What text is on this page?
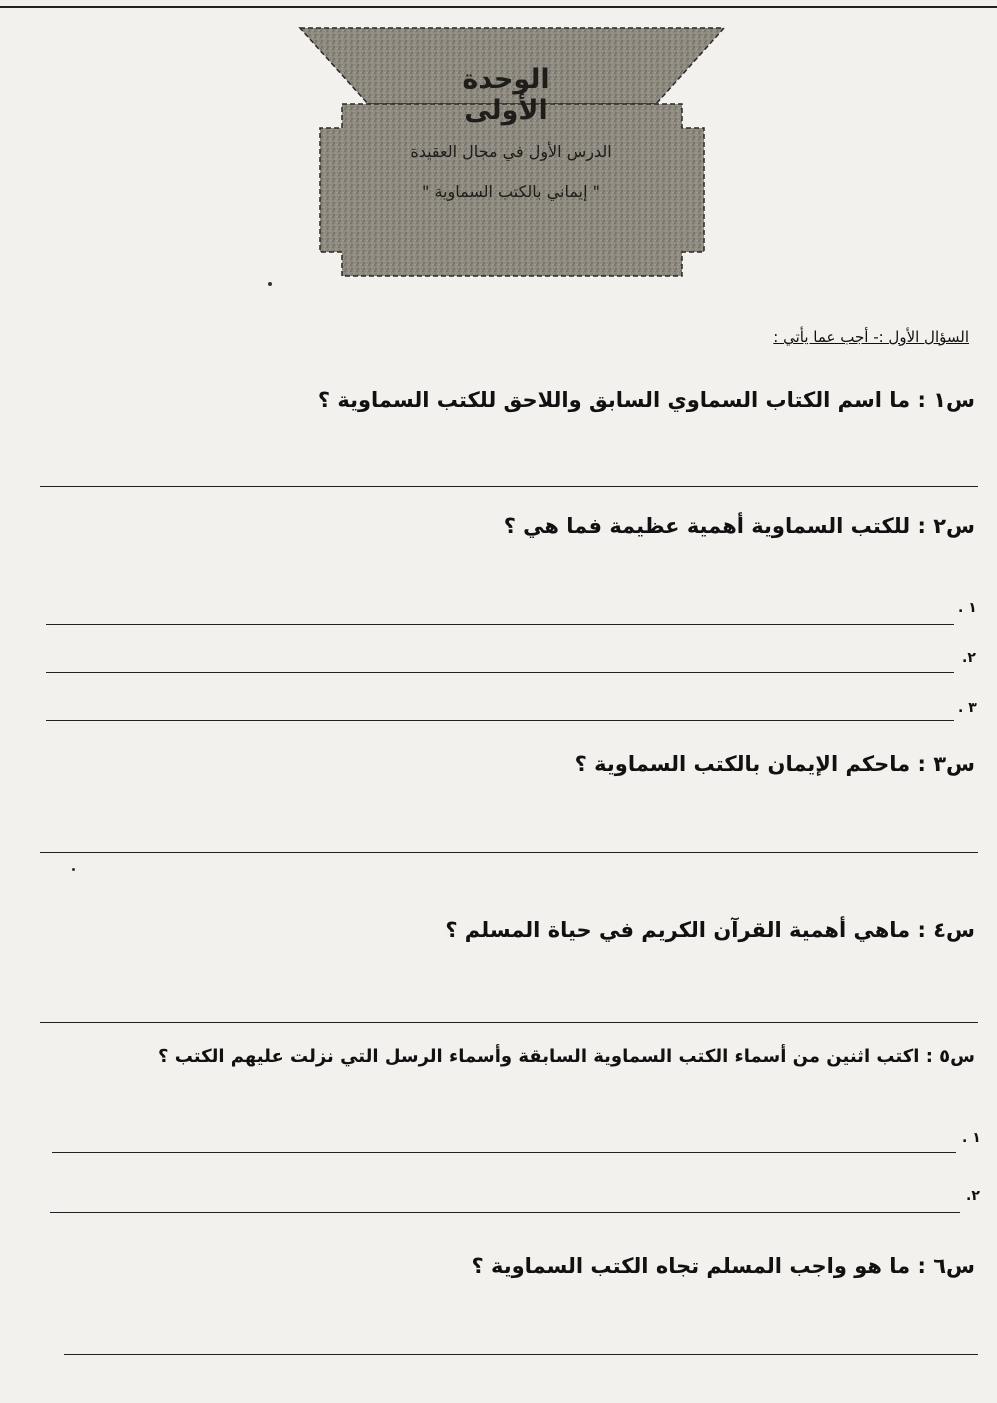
الوحدة الأولى
الدرس الأول في مجال العقيدة
" إيماني بالكتب السماوية "
السؤال الأول :- أجب عما يأتي :
س١ : ما اسم الكتاب السماوي السابق واللاحق للكتب السماوية ؟
س٢ : للكتب السماوية أهمية عظيمة فما هي ؟
١ .
٢.
٣ .
س٣ : ماحكم الإيمان بالكتب السماوية ؟
س٤ : ماهي أهمية القرآن الكريم في حياة المسلم ؟
س٥ : اكتب اثنين من أسماء الكتب السماوية السابقة وأسماء الرسل التي نزلت عليهم الكتب ؟
١ .
٢.
س٦ : ما هو واجب المسلم تجاه الكتب السماوية ؟
